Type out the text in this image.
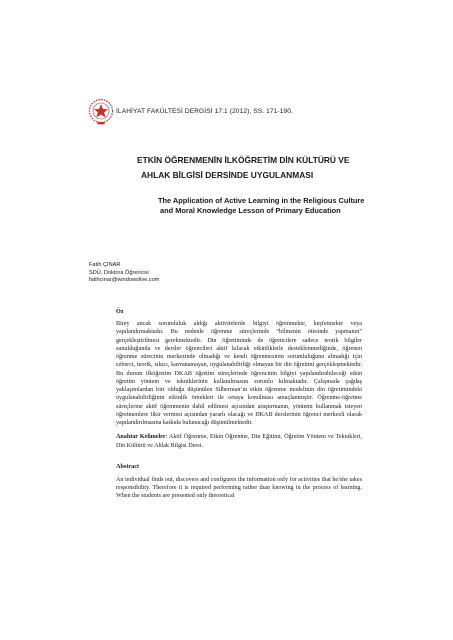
İLAHİYAT FAKÜLTESİ DERGİSİ 17:1 (2012), SS. 171-190.
ETKİN ÖĞRENMENİN İLKÖĞRETİM DİN KÜLTÜRÜ VE
AHLAK BİLGİSİ DERSİNDE UYGULANMASI
The Application of Active Learning in the Religious Culture
and Moral Knowledge Lesson of Primary Education
Fatih ÇINAR
SDÜ, Doktora Öğrencisi
fatihcinar@windowslive.com
Öz
Birey ancak sorumluluk aldığı aktivitelerde bilgiyi öğrenmekte, keşfetmekte veya yapılandırmaktadır. Bu nedenle öğrenme süreçlerinde “bilmenin ötesinde yapmanın” gerçekleştirilmesi gerekmektedir. Din öğretiminde de öğrencilere sadece teorik bilgiler sunulduğunda ve dersler öğrencileri aktif kılacak etkinliklerle desteklenmediğinde, öğrenen öğrenme sürecinin merkezinde olmadığı ve kendi öğrenmesinin sorumluluğunu almadığı için ezberci, teorik, sıkıcı, kavranamayan, uygulanabilirliği olmayan bir din öğretimi gerçekleşmektedir. Bu durum ilköğretim DKAB öğretim süreçlerinde öğrencinin bilgiyi yapılandırabileceği etkin öğretim yöntem ve tekniklerinin kullanılmasını zorunlu kılmaktadır. Çalışmada çağdaş yaklaşımlardan biri olduğu düşünülen Silberman’ın etkin öğrenme modelinin din öğretimindeki uygulanabilirliğinin etkinlik örnekleri ile ortaya konulması amaçlanmıştır. Öğrenme-öğretme süreçlerine aktif öğrenmenin dahil edilmesi açısından araştırmanın, yöntemi kullanmak isteyen öğretmenlere fikir vermesi açısından yararlı olacağı ve DKAB derslerinin öğrenci merkezli olarak yapılandırılmasına katkıda bulunacağı düşünülmektedir.
Anahtar Kelimeler: Aktif Öğrenme, Etkin Öğrenme, Din Eğitimi, Öğretim Yöntem ve Teknikleri, Din Kültürü ve Ahlak Bilgisi Dersi.
Abstract
An individual finds out, discovers and configures the information only for activities that he/she takes responsibility. Therefore it is required performing rather than knowing in the process of learning. When the students are presented only theoretical
